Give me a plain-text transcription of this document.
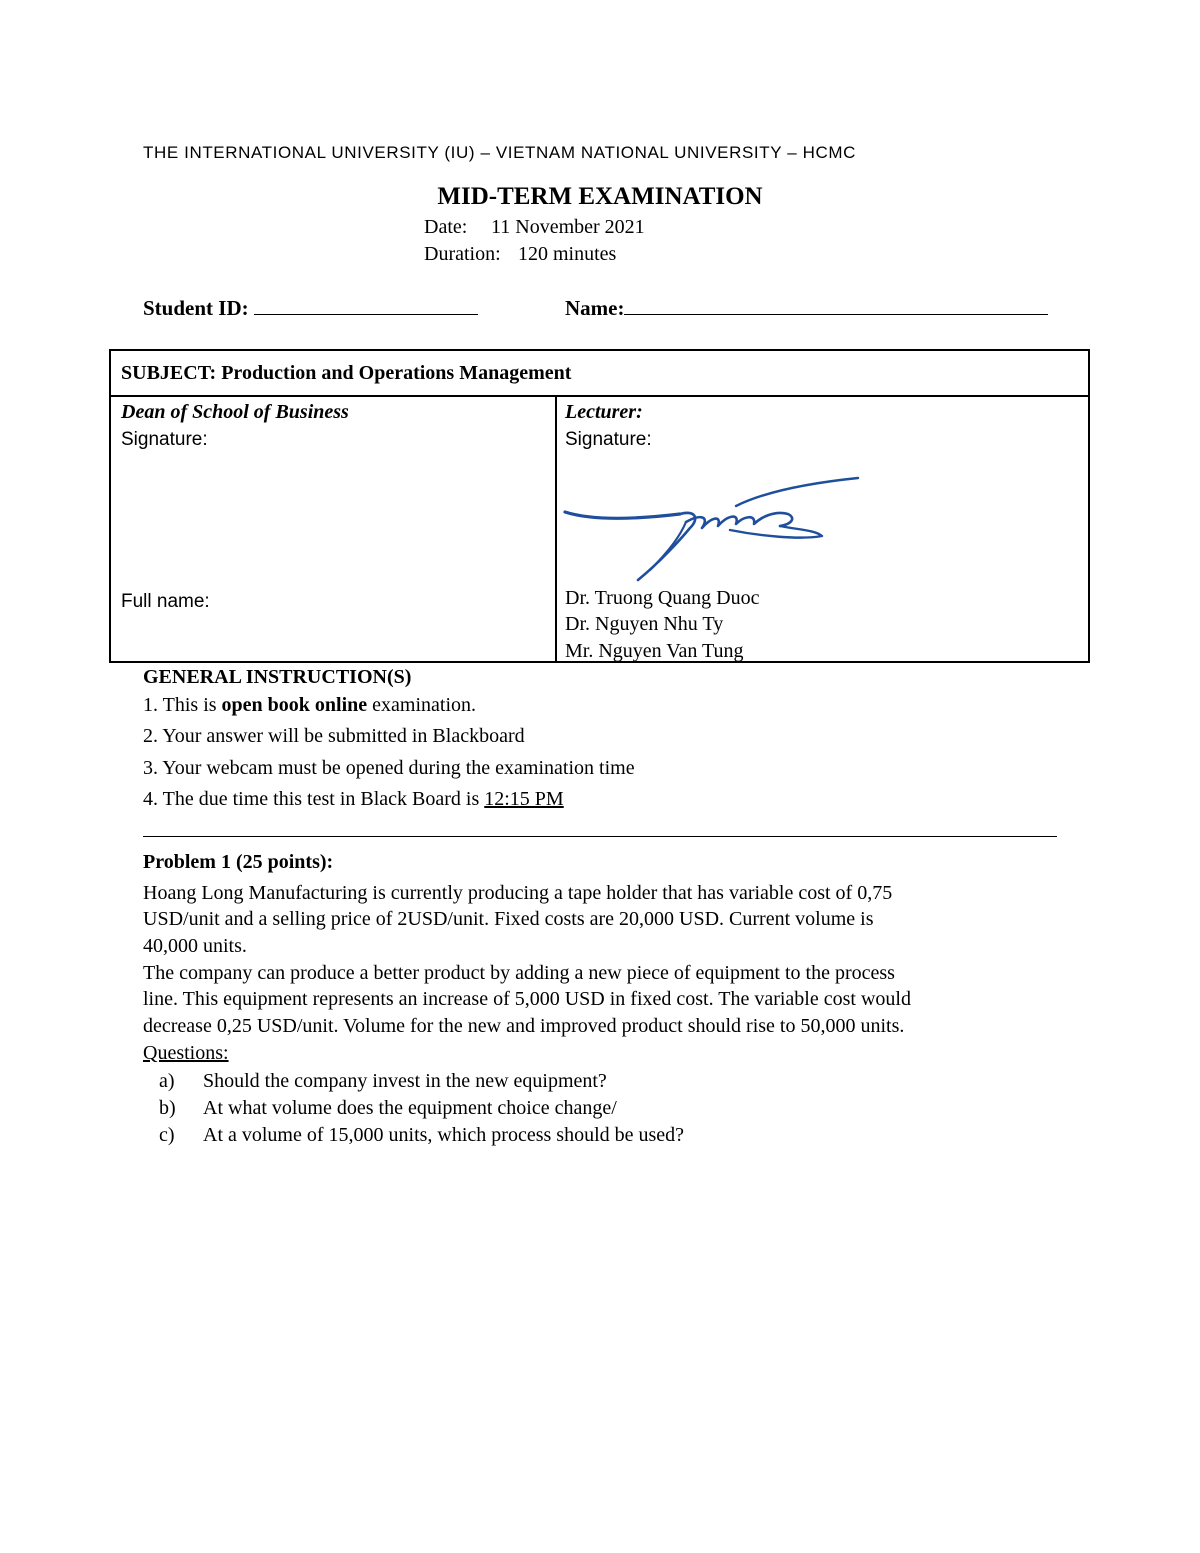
THE INTERNATIONAL UNIVERSITY (IU) – VIETNAM NATIONAL UNIVERSITY – HCMC
MID-TERM EXAMINATION
Date: 11 November 2021
Duration: 120 minutes
Student ID:	Name:
SUBJECT: Production and Operations Management
Dean of School of Business
Signature:
Full name:
Lecturer:
Signature:
Dr. Truong Quang Duoc
Dr. Nguyen Nhu Ty
Mr. Nguyen Van Tung
GENERAL INSTRUCTION(S)
1. This is open book online examination.
2. Your answer will be submitted in Blackboard
3. Your webcam must be opened during the examination time
4. The due time this test in Black Board is 12:15 PM
Problem 1 (25 points):
Hoang Long Manufacturing is currently producing a tape holder that has variable cost of 0,75
USD/unit and a selling price of 2USD/unit. Fixed costs are 20,000 USD. Current volume is
40,000 units.
The company can produce a better product by adding a new piece of equipment to the process
line. This equipment represents an increase of 5,000 USD in fixed cost. The variable cost would
decrease 0,25 USD/unit. Volume for the new and improved product should rise to 50,000 units.
Questions:
a) Should the company invest in the new equipment?
b) At what volume does the equipment choice change/
c) At a volume of 15,000 units, which process should be used?
